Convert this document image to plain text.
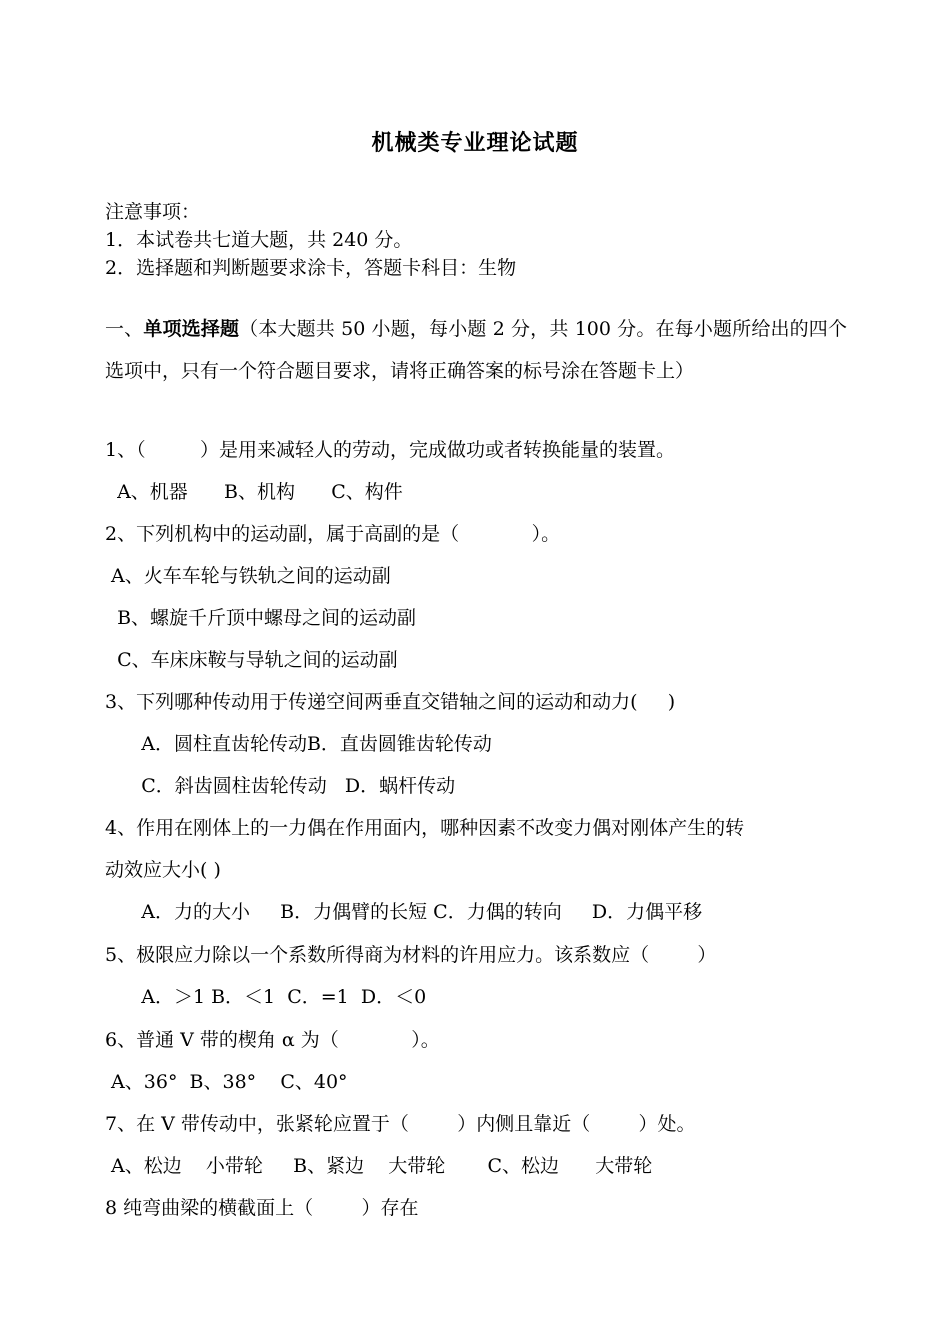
机械类专业理论试题
注意事项：
1．本试卷共七道大题，共 240 分。
2．选择题和判断题要求涂卡，答题卡科目：生物
一、单项选择题（本大题共 50 小题，每小题 2 分，共 100 分。在每小题所给出的四个选项中，只有一个符合题目要求，请将正确答案的标号涂在答题卡上）
1、（         ）是用来减轻人的劳动，完成做功或者转换能量的装置。
A、机器      B、机构      C、构件
2、下列机构中的运动副，属于高副的是（            ）。
A、火车车轮与铁轨之间的运动副
B、螺旋千斤顶中螺母之间的运动副
C、车床床鞍与导轨之间的运动副
3、下列哪种传动用于传递空间两垂直交错轴之间的运动和动力(     )
A．圆柱直齿轮传动B．直齿圆锥齿轮传动
C．斜齿圆柱齿轮传动   D．蜗杆传动
4、作用在刚体上的一力偶在作用面内，哪种因素不改变力偶对刚体产生的转
动效应大小( )
A．力的大小     B．力偶臂的长短 C．力偶的转向     D．力偶平移
5、极限应力除以一个系数所得商为材料的许用应力。该系数应（        ）
A．＞1 B．＜1  C．=1  D．＜0
6、普通 V 带的楔角 α 为（            ）。
A、36°  B、38°    C、40°
7、在 V 带传动中，张紧轮应置于（        ）内侧且靠近（        ）处。
A、松边    小带轮     B、紧边    大带轮       C、松边      大带轮
8 纯弯曲梁的横截面上（        ）存在
